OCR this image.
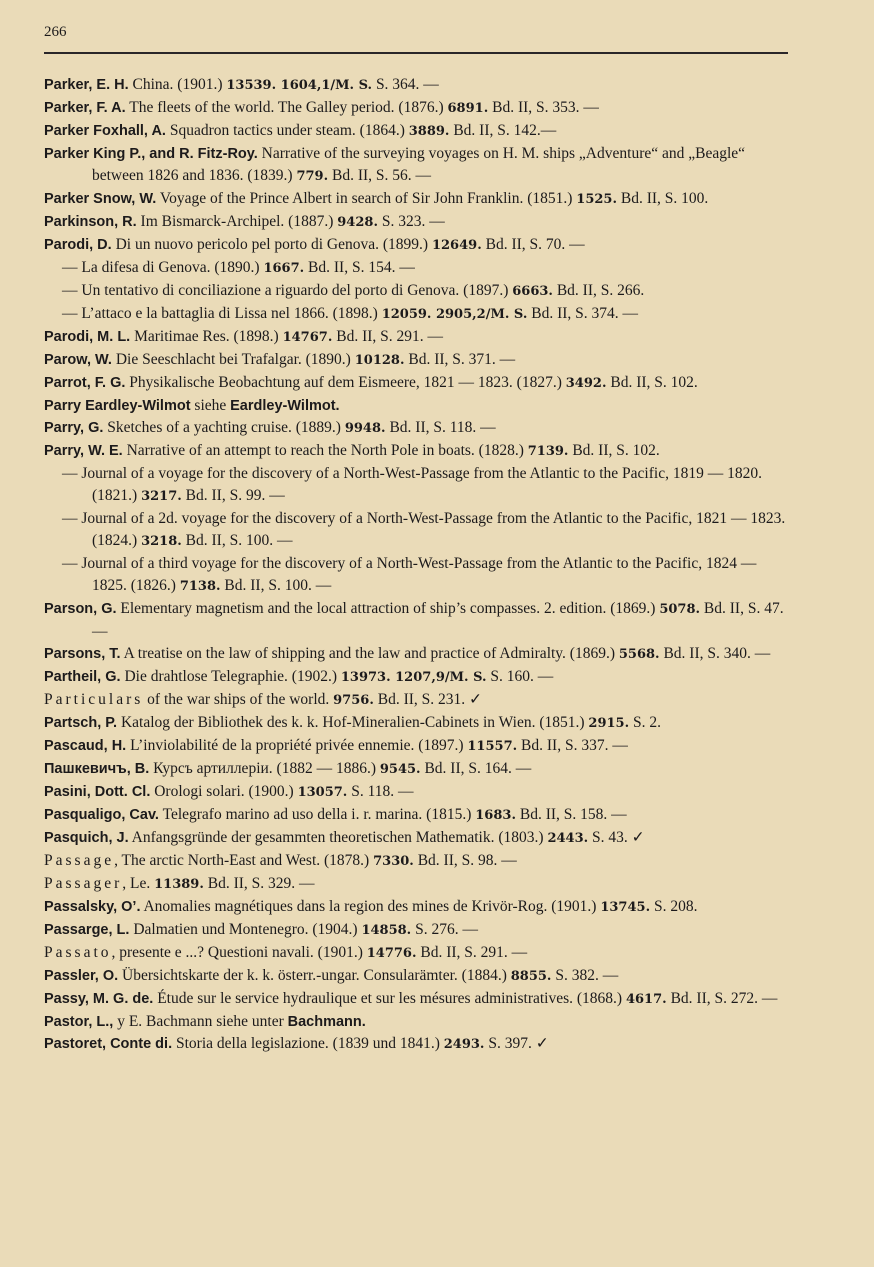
266
Parker, E. H. China. (1901.) 13539. 1604,1/M. S. S. 364. —
Parker, F. A. The fleets of the world. The Galley period. (1876.) 6891. Bd. II, S. 353. —
Parker Foxhall, A. Squadron tactics under steam. (1864.) 3889. Bd. II, S. 142.—
Parker King P., and R. Fitz-Roy. Narrative of the surveying voyages on H. M. ships „Adventure“ and „Beagle“ between 1826 and 1836. (1839.) 779. Bd. II, S. 56. —
Parker Snow, W. Voyage of the Prince Albert in search of Sir John Franklin. (1851.) 1525. Bd. II, S. 100.
Parkinson, R. Im Bismarck-Archipel. (1887.) 9428. S. 323. —
Parodi, D. Di un nuovo pericolo pel porto di Genova. (1899.) 12649. Bd. II, S. 70. —
— La difesa di Genova. (1890.) 1667. Bd. II, S. 154. —
— Un tentativo di conciliazione a riguardo del porto di Genova. (1897.) 6663. Bd. II, S. 266.
— L’attaco e la battaglia di Lissa nel 1866. (1898.) 12059. 2905,2/M. S. Bd. II, S. 374. —
Parodi, M. L. Maritimae Res. (1898.) 14767. Bd. II, S. 291. —
Parow, W. Die Seeschlacht bei Trafalgar. (1890.) 10128. Bd. II, S. 371. —
Parrot, F. G. Physikalische Beobachtung auf dem Eismeere, 1821 — 1823. (1827.) 3492. Bd. II, S. 102.
Parry Eardley-Wilmot siehe Eardley-Wilmot.
Parry, G. Sketches of a yachting cruise. (1889.) 9948. Bd. II, S. 118. —
Parry, W. E. Narrative of an attempt to reach the North Pole in boats. (1828.) 7139. Bd. II, S. 102.
— Journal of a voyage for the discovery of a North-West-Passage from the Atlantic to the Pacific, 1819 — 1820. (1821.) 3217. Bd. II, S. 99. —
— Journal of a 2d. voyage for the discovery of a North-West-Passage from the Atlantic to the Pacific, 1821 — 1823. (1824.) 3218. Bd. II, S. 100. —
— Journal of a third voyage for the discovery of a North-West-Passage from the Atlantic to the Pacific, 1824 — 1825. (1826.) 7138. Bd. II, S. 100. —
Parson, G. Elementary magnetism and the local attraction of ship’s compasses. 2. edition. (1869.) 5078. Bd. II, S. 47. —
Parsons, T. A treatise on the law of shipping and the law and practice of Admiralty. (1869.) 5568. Bd. II, S. 340. —
Partheil, G. Die drahtlose Telegraphie. (1902.) 13973. 1207,9/M. S. S. 160. —
Particulars of the war ships of the world. 9756. Bd. II, S. 231. ✓
Partsch, P. Katalog der Bibliothek des k. k. Hof-Mineralien-Cabinets in Wien. (1851.) 2915. S. 2.
Pascaud, H. L’inviolabilité de la propriété privée ennemie. (1897.) 11557. Bd. II, S. 337. —
Пашкевичъ, В. Курсъ артиллеріи. (1882 — 1886.) 9545. Bd. II, S. 164. —
Pasini, Dott. Cl. Orologi solari. (1900.) 13057. S. 118. —
Pasqualigo, Cav. Telegrafo marino ad uso della i. r. marina. (1815.) 1683. Bd. II, S. 158. —
Pasquich, J. Anfangsgründe der gesammten theoretischen Mathematik. (1803.) 2443. S. 43. ✓
Passage, The arctic North-East and West. (1878.) 7330. Bd. II, S. 98. —
Passager, Le. 11389. Bd. II, S. 329. —
Passalsky, O’. Anomalies magnétiques dans la region des mines de Krivör-Rog. (1901.) 13745. S. 208.
Passarge, L. Dalmatien und Montenegro. (1904.) 14858. S. 276. —
Passato, presente e ...? Questioni navali. (1901.) 14776. Bd. II, S. 291. —
Passler, O. Übersichtskarte der k. k. österr.-ungar. Consularämter. (1884.) 8855. S. 382. —
Passy, M. G. de. Étude sur le service hydraulique et sur les mésures administratives. (1868.) 4617. Bd. II, S. 272. —
Pastor, L., y E. Bachmann siehe unter Bachmann.
Pastoret, Conte di. Storia della legislazione. (1839 und 1841.) 2493. S. 397. ✓
